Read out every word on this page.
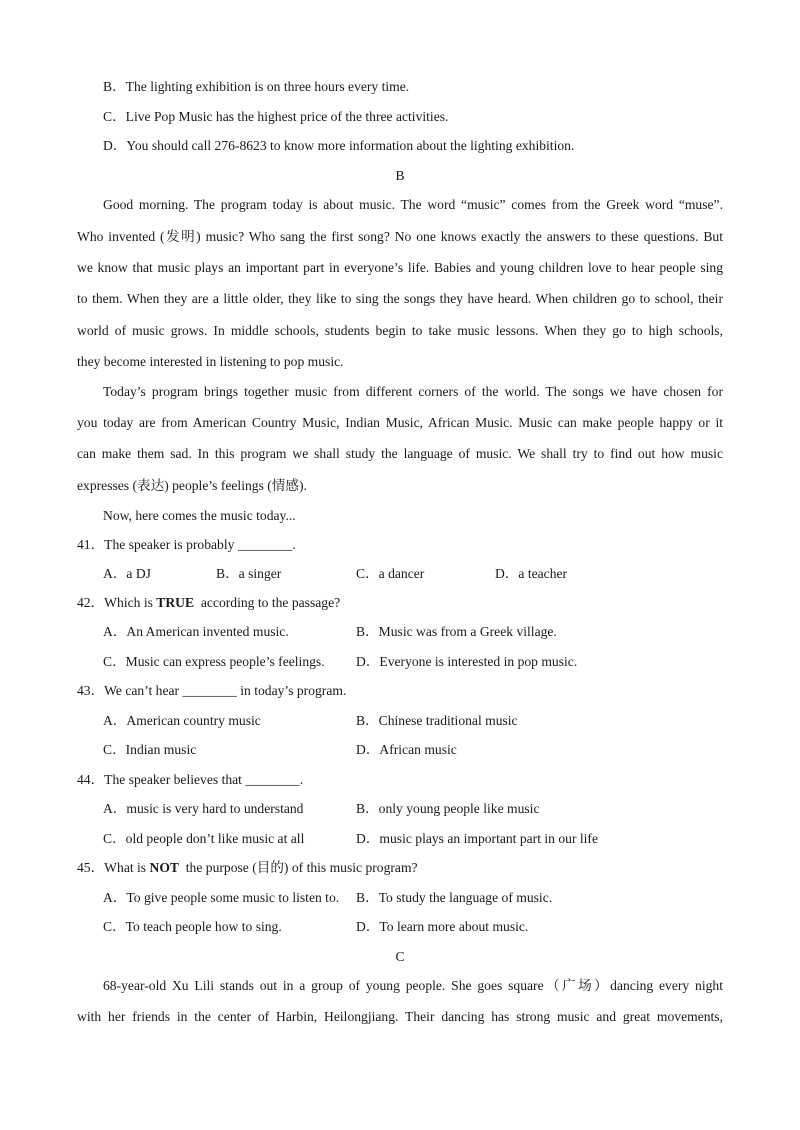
B．The lighting exhibition is on three hours every time.
C．Live Pop Music has the highest price of the three activities.
D．You should call 276-8623 to know more information about the lighting exhibition.
B
Good morning. The program today is about music. The word “music” comes from the Greek word “muse”.
Who invented (发明) music? Who sang the first song? No one knows exactly the answers to these questions. But
we know that music plays an important part in everyone’s life. Babies and young children love to hear people sing
to them. When they are a little older, they like to sing the songs they have heard. When children go to school, their
world of music grows. In middle schools, students begin to take music lessons. When they go to high schools,
they become interested in listening to pop music.
Today’s program brings together music from different corners of the world. The songs we have chosen for
you today are from American Country Music, Indian Music, African Music. Music can make people happy or it
can make them sad. In this program we shall study the language of music. We shall try to find out how music
expresses (表达) people’s feelings (情感).
Now, here comes the music today...
41．The speaker is probably ________.
A．a DJ	B．a singer	C．a dancer	D．a teacher
42．Which is TRUE  according to the passage?
A．An American invented music.	B．Music was from a Greek village.
C．Music can express people’s feelings. D．Everyone is interested in pop music.
43．We can’t hear ________ in today’s program.
A．American country music	B．Chinese traditional music
C．Indian music	D．African music
44．The speaker believes that ________.
A．music is very hard to understand	B．only young people like music
C．old people don’t like music at all	D．music plays an important part in our life
45．What is NOT  the purpose (目的) of this music program?
A．To give people some music to listen to. B．To study the language of music.
C．To teach people how to sing.	D．To learn more about music.
C
68-year-old Xu Lili stands out in a group of young people. She goes square（广场）dancing every night
with her friends in the center of Harbin, Heilongjiang. Their dancing has strong music and great movements,
